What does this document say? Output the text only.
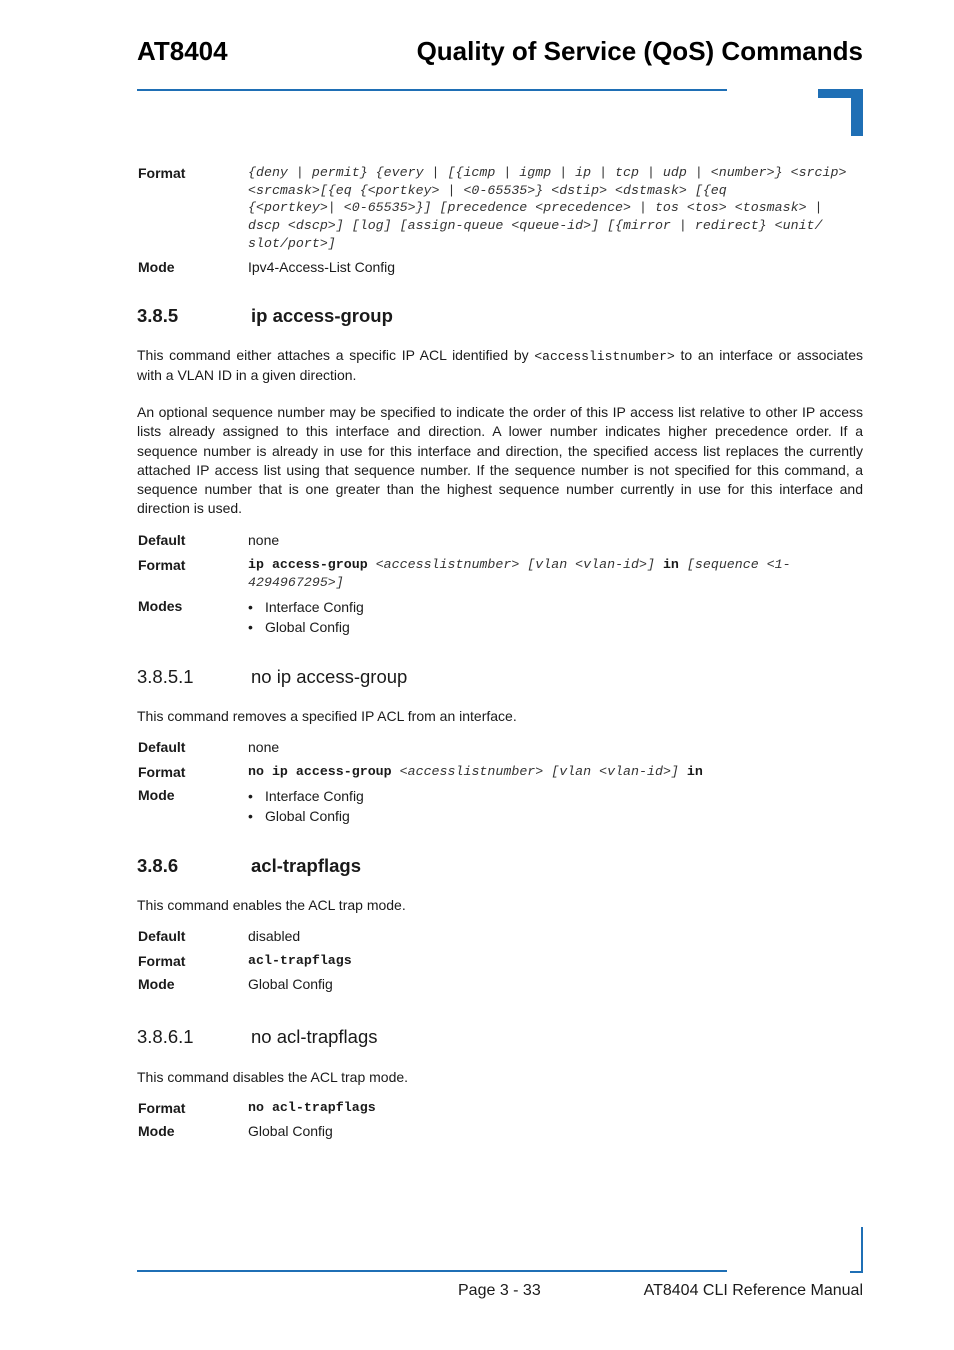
AT8404	Quality of Service (QoS) Commands
Format	{deny | permit} {every | [{icmp | igmp | ip | tcp | udp | <number>} <srcip>
<srcmask>[{eq {<portkey> | <0-65535>} <dstip> <dstmask> [{eq
{<portkey>| <0-65535>}] [precedence <precedence> | tos <tos> <tosmask> |
dscp <dscp>] [log] [assign-queue <queue-id>] [{mirror | redirect} <unit/
slot/port>]
Mode	Ipv4-Access-List Config
3.8.5	ip access-group
This command either attaches a specific IP ACL identified by <accesslistnumber> to an interface or associates with a VLAN ID in a given direction.
An optional sequence number may be specified to indicate the order of this IP access list relative to other IP access lists already assigned to this interface and direction. A lower number indicates higher precedence order. If a sequence number is already in use for this interface and direction, the specified access list replaces the currently attached IP access list using that sequence number. If the sequence number is not specified for this command, a sequence number that is one greater than the highest sequence number currently in use for this interface and direction is used.
Default	none
Format	ip access-group <accesslistnumber> [vlan <vlan-id>] in [sequence <1-
4294967295>]
Modes	• Interface Config
• Global Config
3.8.5.1	no ip access-group
This command removes a specified IP ACL from an interface.
Default	none
Format	no ip access-group <accesslistnumber> [vlan <vlan-id>] in
Mode	• Interface Config
• Global Config
3.8.6	acl-trapflags
This command enables the ACL trap mode.
Default	disabled
Format	acl-trapflags
Mode	Global Config
3.8.6.1	no acl-trapflags
This command disables the ACL trap mode.
Format	no acl-trapflags
Mode	Global Config
Page 3 - 33	AT8404 CLI Reference Manual
